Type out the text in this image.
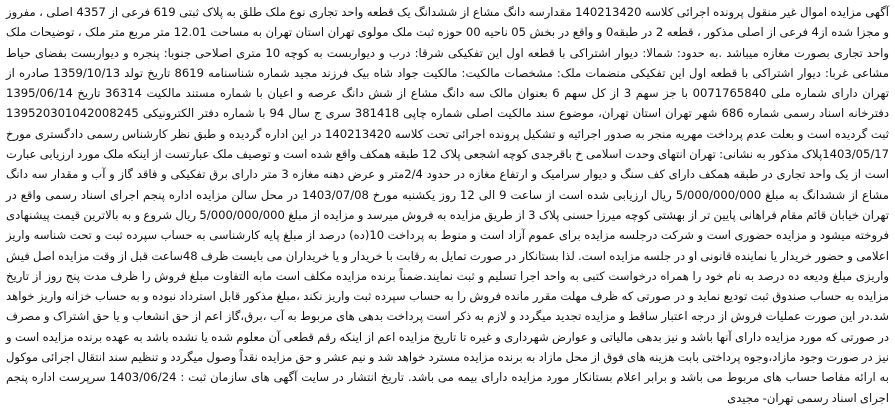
آگهی مزایده اموال غیر منقول پرونده اجرائی کلاسه 140213420 مقدارسه دانگ مشاع از ششدانگ یک قطعه واحد تجاری نوع ملک طلق به پلاک ثبتی 619 فرعی از 4357 اصلی ، مفروز و مجزا شده از4 فرعی از اصلی مذکور ، قطعه 2 در طبقه0 و واقع در بخش 05 ناحیه 00 حوزه ثبت ملک مولوی تهران استان تهران به مساحت 12.01 متر مربع متر ملک ، توضیحات ملک واحد تجاری بصورت مغازه میباشد .به حدود: شمالا: دیوار اشتراکی با قطعه اول این تفکیکی شرقا: درب و دیواربست به کوچه 10 متری اصلاحی جنوبا: پنجره و دیواربست بفضای حیاط مشاعی غربا: دیوار اشتراکی با قطعه اول این تفکیکی منضمات ملک: مشخصات مالکیت: مالکیت جواد شاه بیک فرزند مجید شماره شناسنامه 8619 تاریخ تولد 1359/10/13 صادره از تهران دارای شماره ملی 0071765840 با جز سهم 3 از کل سهم 6 بعنوان مالک سه دانگ مشاع از شش دانگ عرصه و اعیان با شماره مستند مالکیت 36314 تاریخ 1395/06/14 دفترخانه اسناد رسمی شماره 686 شهر تهران استان تهران، موضوع سند مالکیت اصلی شماره چاپی 381418 سری ج سال 94 با شماره دفتر الکترونیکی 139520301042008245 ثبت گردیده است و بعلت عدم پرداخت مهریه منجر به صدور اجرائیه و تشکیل پرونده اجرائی تحت کلاسه 140213420 در این اداره گردیده و طبق نظر کارشناس رسمی دادگستری مورخ 1403/05/17پلاک مذکور به نشانی: تهران انتهای وحدت اسلامی خ باقرجدی کوچه اشجعی پلاک 12 طبقه همکف واقع شده است و توصیف ملک عبارتست از اینکه ملک مورد ارزیابی عبارت است از یک واحد تجاری در طبقه همکف دارای کف سنگ و دیوار سرامیک و ارتفاع مغازه در حدود 2/4متر و عرض دهنه مغازه 3 متر دارای برق تفکیکی و فاقد گاز و آب و مقدار سه دانگ مشاع از ششدانگ به مبلغ 5/000/000/000 ریال ارزیابی شده است از ساعت 9 الی 12 روز یکشنبه مورخ 1403/07/08 در محل سالن مزایده اداره پنجم اجرای اسناد رسمی واقع در تهران خیابان قائم مقام فراهانی پایین تر از بهشتی کوچه میرزا حسنی پلاک 3 از طریق مزایده به فروش میرسد و مزایده از مبلغ 5/000/000/000 ریال شروع و به بالاترین قیمت پیشنهادی فروخته میشود و مزایده حضوری است و شرکت درجلسه مزایده برای عموم آزاد است و منوط به پرداخت 10(ده) درصد از مبلغ پایه کارشناسی به حساب سپرده ثبت و تحت شناسه واریز اعلامی و حضور خریدار یا نماینده قانونی او در جلسه مزایده است. لذا بستانکار در صورت تمایل به رقابت با خریدار و یا خریداران می بایست ظرف 48ساعت قبل از وقت مزایده اصل فیش واریزی مبلغ ودیعه ده درصد به نام خود را همراه درخواست کتبی به واحد اجرا تسلیم و ثبت نمایند.ضمناً برنده مزایده مکلف است مابه التفاوت مبلغ فروش را ظرف مدت پنج روز از تاریخ مزایده به حساب صندوق ثبت تودیع نماید و در صورتی که ظرف مهلت مقرر مانده فروش را به حساب سپرده ثبت واریز نکند ،مبلغ مذکور قابل استرداد نبوده و به حساب خزانه واریز خواهد شد.در این صورت عملیات فروش از درجه اعتبار ساقط و مزایده تجدید میگردد و لازم به ذکر است پرداخت بدهی های مربوط به آب ،برق،گاز اعم از حق انشعاب و یا حق اشتراک و مصرف در صورتی که مورد مزایده دارای آنها باشد و نیز بدهی مالیاتی و عوارض شهرداری و غیره تا تاریخ مزایده اعم از اینکه رقم قطعی آن معلوم شده یا نشده باشد به عهده برنده مزایده است و نیز در صورت وجود مازاد،وجوه پرداختی بابت هزینه های فوق از محل مازاد به برنده مزایده مسترد خواهد شد و نیم عشر و حق مزایده نقداً وصول میگردد و تنظیم سند انتقال اجرائی موکول به ارائه مفاصا حساب های مربوط می باشد و برابر اعلام بستانکار مورد مزایده دارای بیمه می باشد. تاریخ انتشار در سایت آگهی های سازمان ثبت : 1403/06/24 سرپرست اداره پنجم اجرای اسناد رسمی تهران- مجیدی
